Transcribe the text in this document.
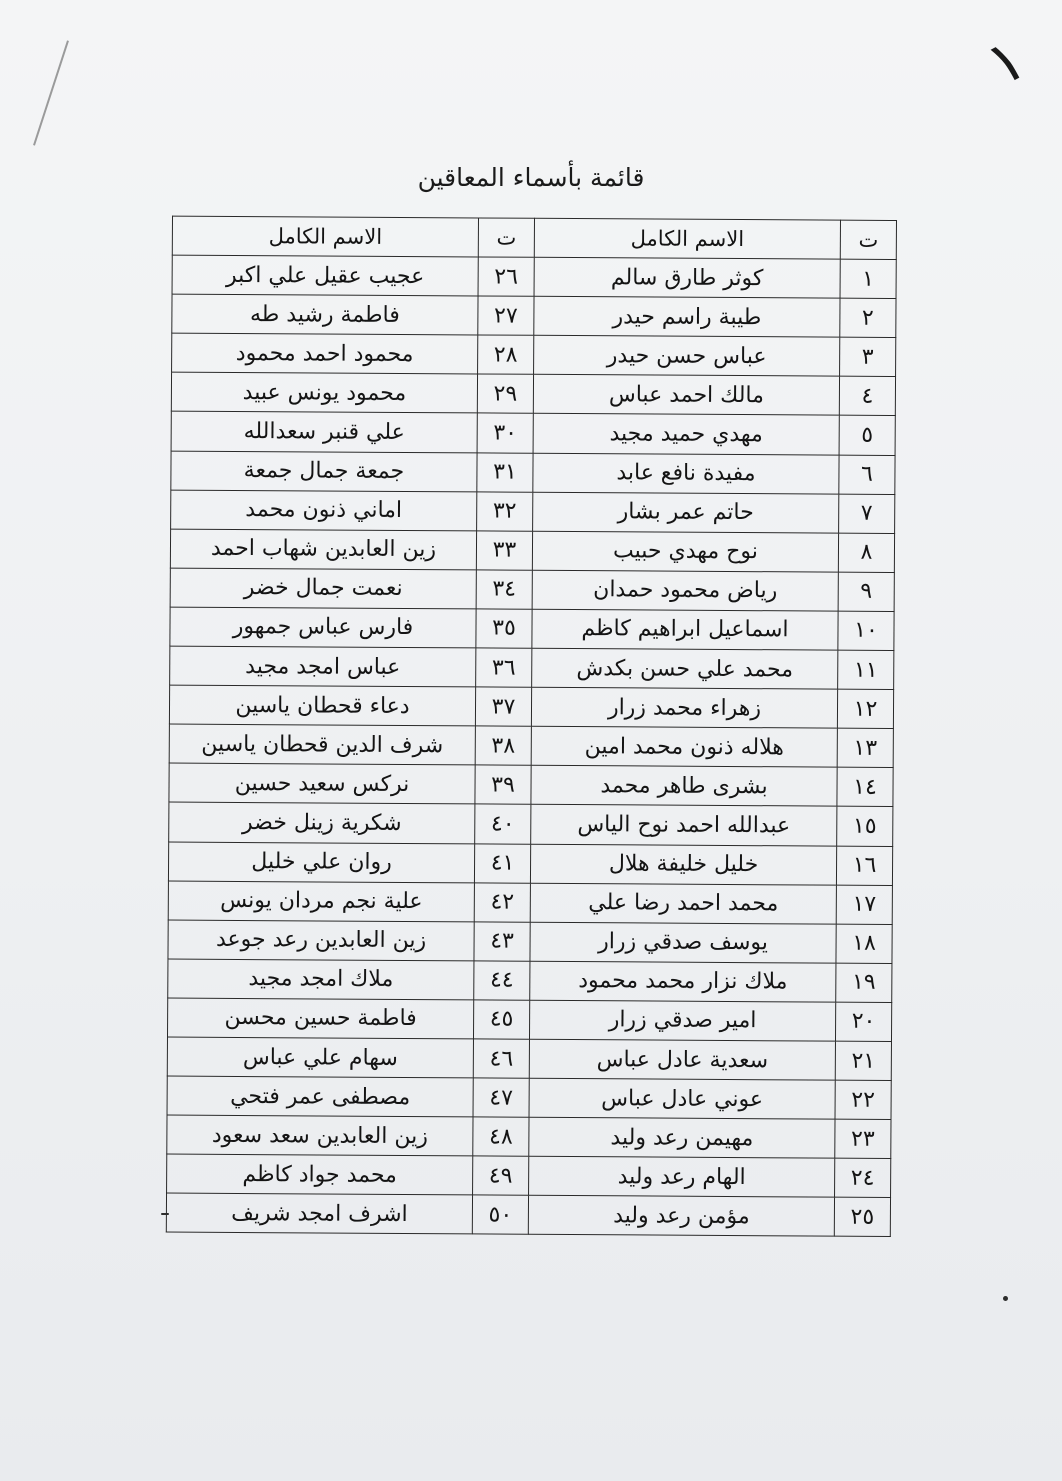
١
قائمة بأسماء المعاقين
ت	الاسم الكامل	ت	الاسم الكامل
١	كوثر طارق سالم	٢٦	عجيب عقيل علي اكبر
٢	طيبة راسم حيدر	٢٧	فاطمة رشيد طه
٣	عباس حسن حيدر	٢٨	محمود احمد محمود
٤	مالك احمد عباس	٢٩	محمود يونس عبيد
٥	مهدي حميد مجيد	٣٠	علي قنبر سعدالله
٦	مفيدة نافع عابد	٣١	جمعة جمال جمعة
٧	حاتم عمر بشار	٣٢	اماني ذنون محمد
٨	نوح مهدي حبيب	٣٣	زين العابدين شهاب احمد
٩	رياض محمود حمدان	٣٤	نعمت جمال خضر
١٠	اسماعيل ابراهيم كاظم	٣٥	فارس عباس جمهور
١١	محمد علي حسن بكدش	٣٦	عباس امجد مجيد
١٢	زهراء محمد زرار	٣٧	دعاء قحطان ياسين
١٣	هلاله ذنون محمد امين	٣٨	شرف الدين قحطان ياسين
١٤	بشرى طاهر محمد	٣٩	نركس سعيد حسين
١٥	عبدالله احمد نوح الياس	٤٠	شكرية زينل خضر
١٦	خليل خليفة هلال	٤١	روان علي خليل
١٧	محمد احمد رضا علي	٤٢	علية نجم مردان يونس
١٨	يوسف صدقي زرار	٤٣	زين العابدين رعد جوعد
١٩	ملاك نزار محمد محمود	٤٤	ملاك امجد مجيد
٢٠	امير صدقي زرار	٤٥	فاطمة حسين محسن
٢١	سعدية عادل عباس	٤٦	سهام علي عباس
٢٢	عوني عادل عباس	٤٧	مصطفى عمر فتحي
٢٣	مهيمن رعد وليد	٤٨	زين العابدين سعد سعود
٢٤	الهام رعد وليد	٤٩	محمد جواد كاظم
٢٥	مؤمن رعد وليد	٥٠	اشرف امجد شريف
